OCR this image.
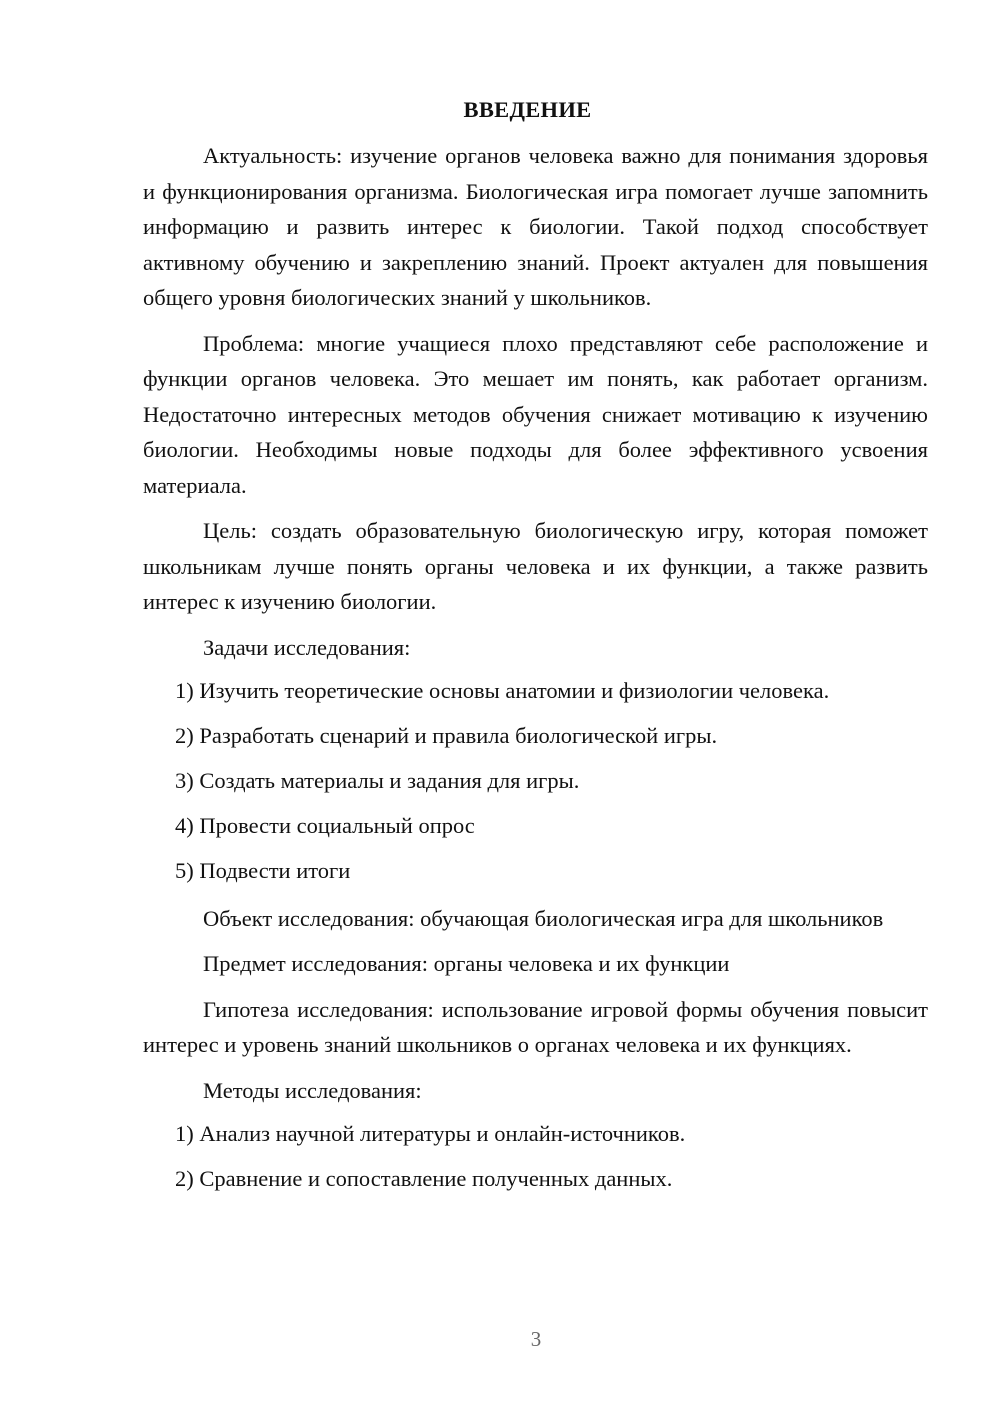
ВВЕДЕНИЕ

Актуальность: изучение органов человека важно для понимания здоровья и функционирования организма. Биологическая игра помогает лучше запомнить информацию и развить интерес к биологии. Такой подход способствует активному обучению и закреплению знаний. Проект актуален для повышения общего уровня биологических знаний у школьников.

Проблема: многие учащиеся плохо представляют себе расположение и функции органов человека. Это мешает им понять, как работает организм. Недостаточно интересных методов обучения снижает мотивацию к изучению биологии. Необходимы новые подходы для более эффективного усвоения материала.

Цель: создать образовательную биологическую игру, которая поможет школьникам лучше понять органы человека и их функции, а также развить интерес к изучению биологии.

Задачи исследования:

1) Изучить теоретические основы анатомии и физиологии человека.
2) Разработать сценарий и правила биологической игры.
3) Создать материалы и задания для игры.
4) Провести социальный опрос
5) Подвести итоги

Объект исследования: обучающая биологическая игра для школьников

Предмет исследования: органы человека и их функции

Гипотеза исследования: использование игровой формы обучения повысит интерес и уровень знаний школьников о органах человека и их функциях.

Методы исследования:

1) Анализ научной литературы и онлайн-источников.
2) Сравнение и сопоставление полученных данных.
3
